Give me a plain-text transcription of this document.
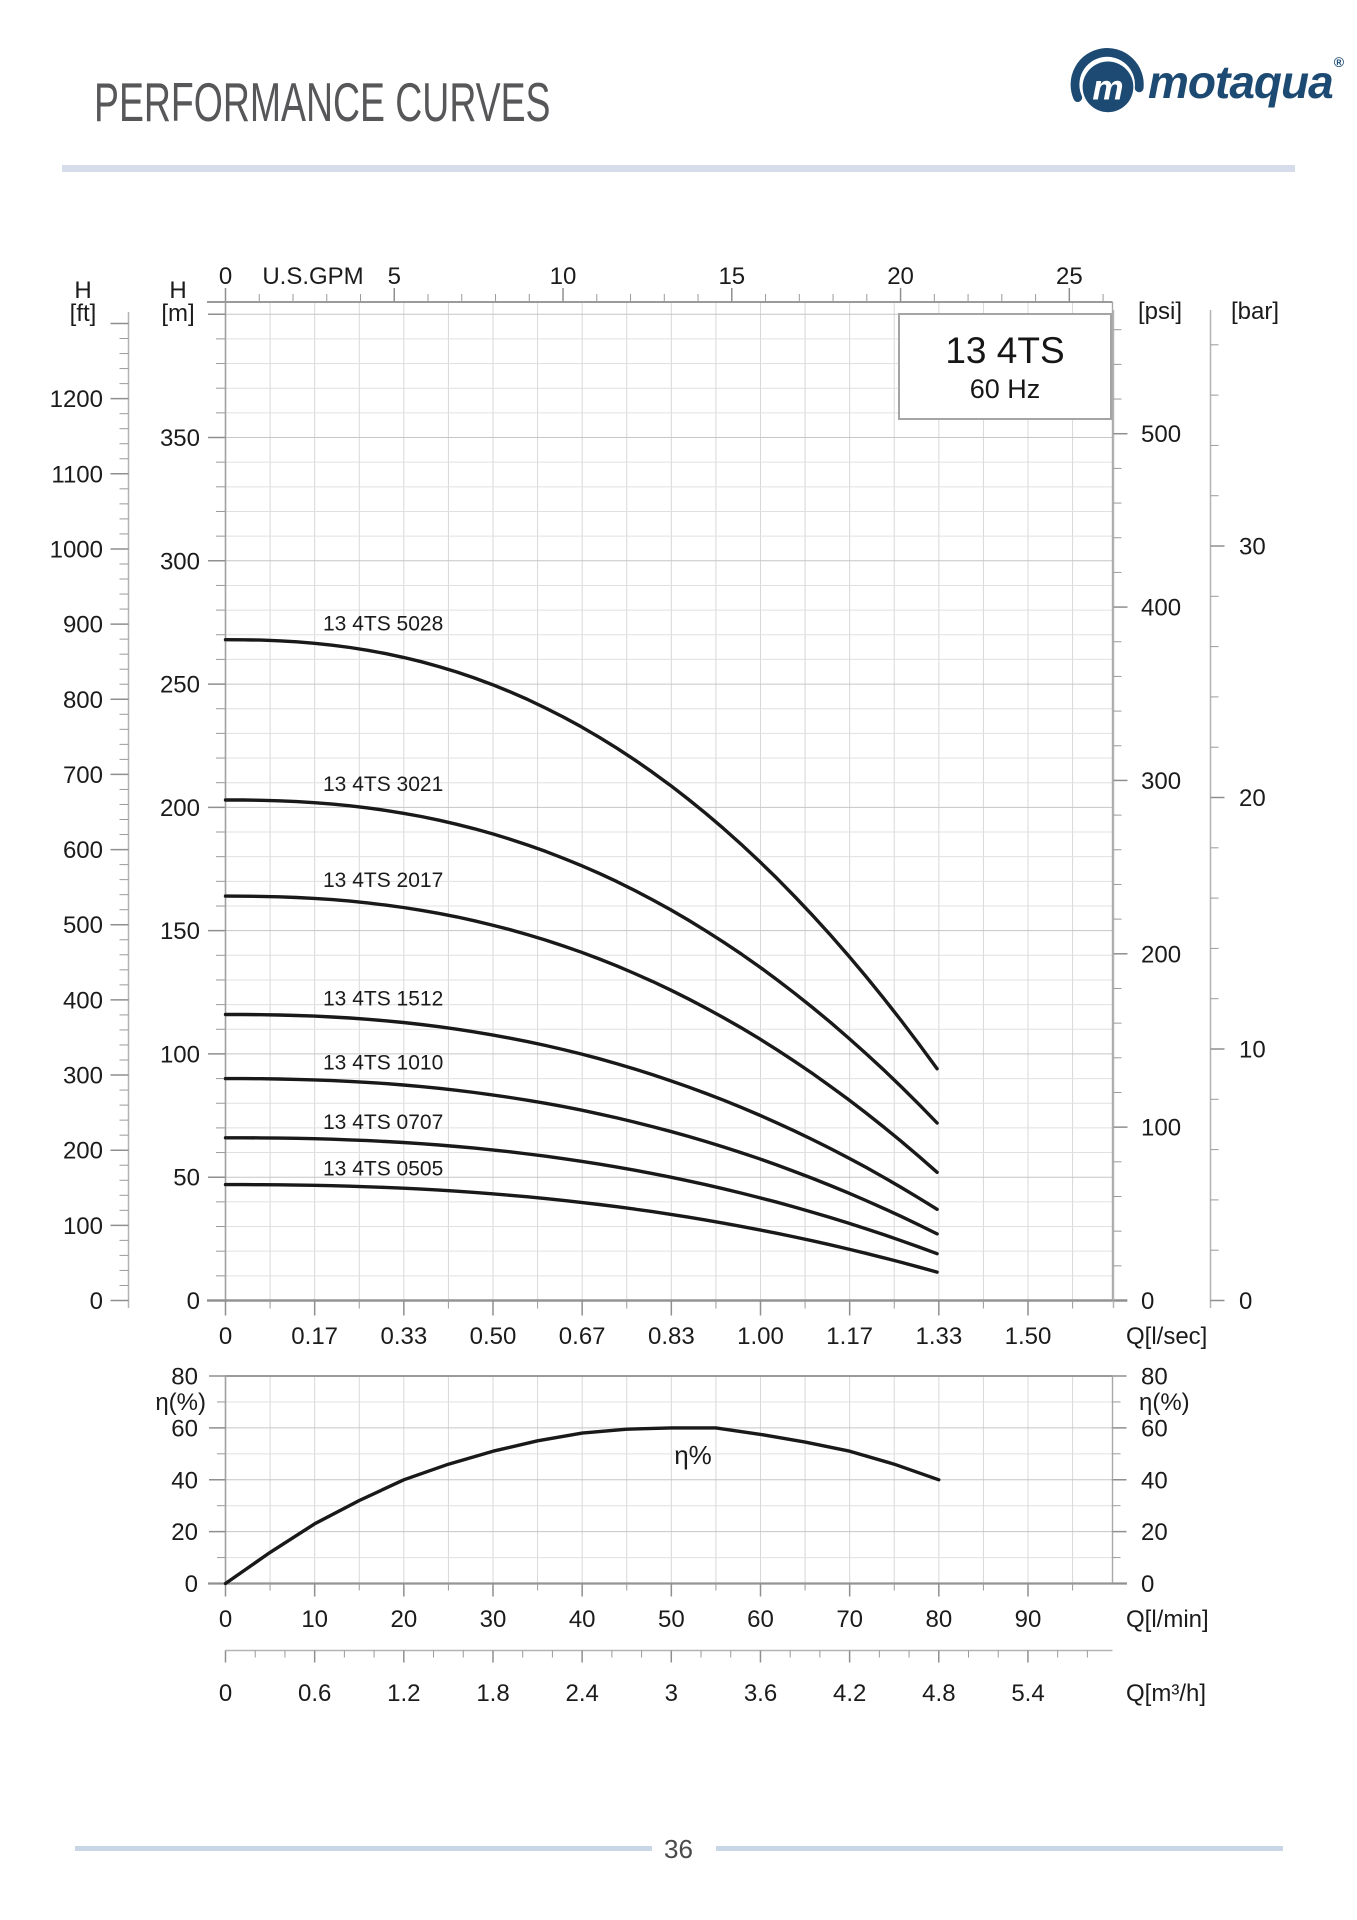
PERFORMANCE CURVES	m motaqua ®
0
50
100
150
200
250
300
350
H
[m]
0
100
200
300
400
500
600
700
800
900
1000
1100
1200
H
[ft]
0
100
200
300
400
500
[psi]
0
10
20
30
[bar]
0	5	10	15	20	25
U.S.GPM
0 0.17 0.33 0.50 0.67 0.83 1.00 1.17 1.33 1.50	Q[l/sec]
13 4TS 5028
13 4TS 3021
13 4TS 2017
13 4TS 1512
13 4TS 1010
13 4TS 0707
13 4TS 0505
0	0
20	20
40	40
60	60
80	80
η(%)	η(%)
0	10	20	30	40	50	60	70	80	90	Q[l/min]
0	0.6 1.2 1.8 2.4	3	3.6 4.2 4.8 5.4	Q[m³/h]
η%
13 4TS
60 Hz
36
